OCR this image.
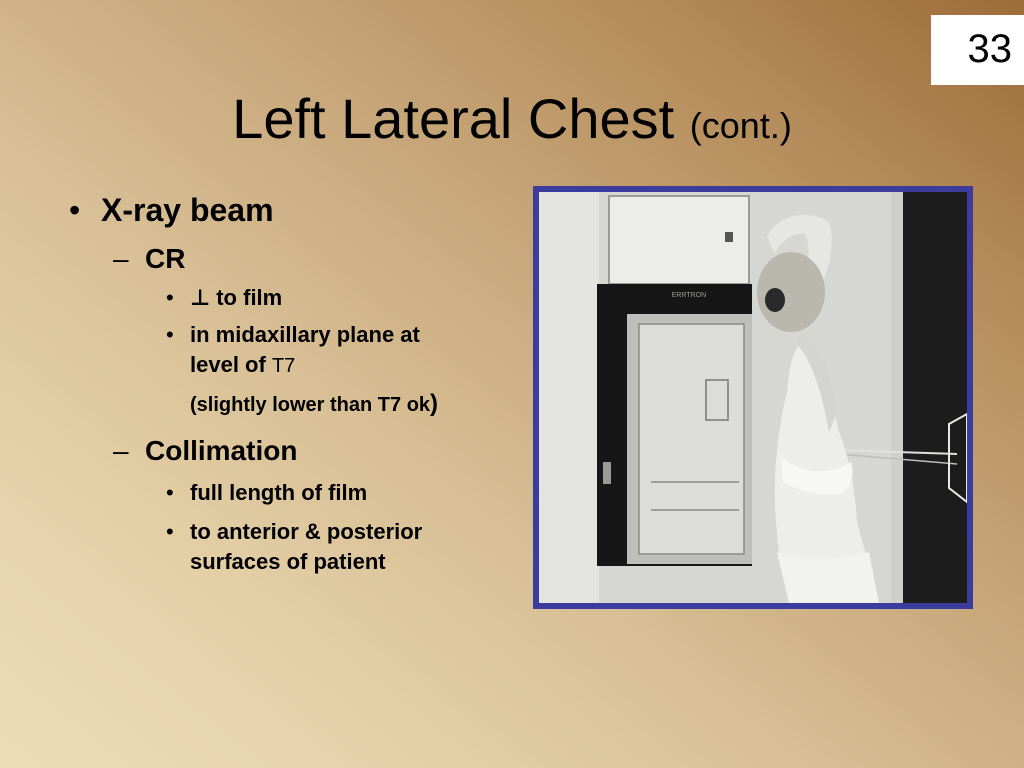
33
Left Lateral Chest (cont.)
• X-ray beam
– CR
• ⊥ to film
• in midaxillary plane at
level of T7
(slightly lower than T7 ok)
– Collimation
• full length of film
• to anterior & posterior
surfaces of patient
ERRTRON
